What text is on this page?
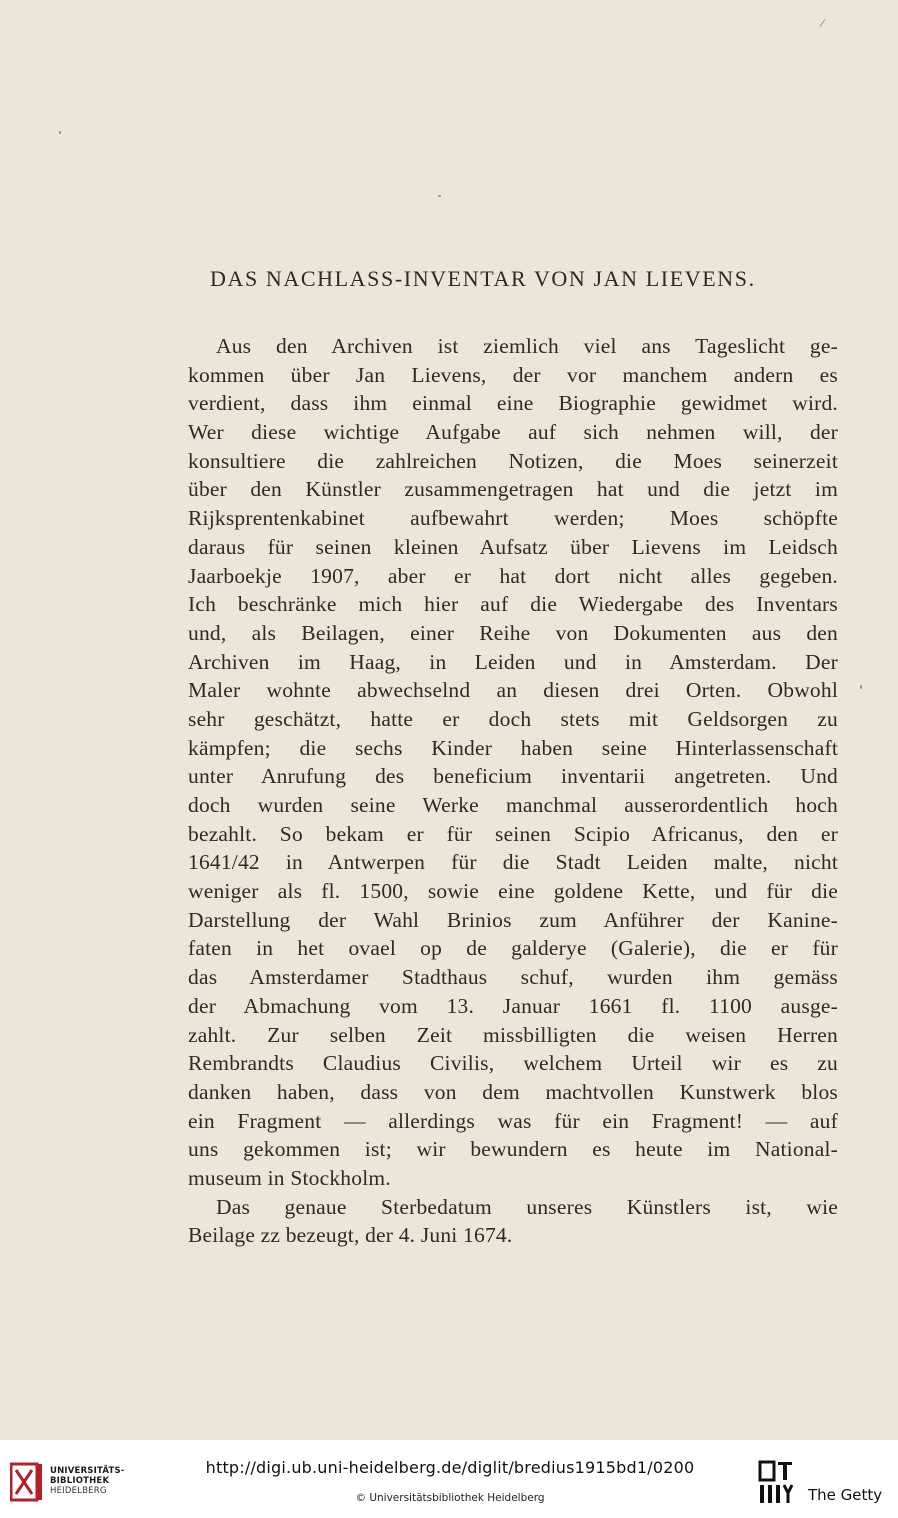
DAS NACHLASS-INVENTAR VON JAN LIEVENS.
Aus den Archiven ist ziemlich viel ans Tageslicht ge-
kommen über Jan Lievens, der vor manchem andern es
verdient, dass ihm einmal eine Biographie gewidmet wird.
Wer diese wichtige Aufgabe auf sich nehmen will, der
konsultiere die zahlreichen Notizen, die Moes seinerzeit
über den Künstler zusammengetragen hat und die jetzt im
Rijksprentenkabinet aufbewahrt werden; Moes schöpfte
daraus für seinen kleinen Aufsatz über Lievens im Leidsch
Jaarboekje 1907, aber er hat dort nicht alles gegeben.
Ich beschränke mich hier auf die Wiedergabe des Inventars
und, als Beilagen, einer Reihe von Dokumenten aus den
Archiven im Haag, in Leiden und in Amsterdam. Der
Maler wohnte abwechselnd an diesen drei Orten. Obwohl
sehr geschätzt, hatte er doch stets mit Geldsorgen zu
kämpfen; die sechs Kinder haben seine Hinterlassenschaft
unter Anrufung des beneficium inventarii angetreten. Und
doch wurden seine Werke manchmal ausserordentlich hoch
bezahlt. So bekam er für seinen Scipio Africanus, den er
1641/42 in Antwerpen für die Stadt Leiden malte, nicht
weniger als fl. 1500, sowie eine goldene Kette, und für die
Darstellung der Wahl Brinios zum Anführer der Kanine-
faten in het ovael op de galderye (Galerie), die er für
das Amsterdamer Stadthaus schuf, wurden ihm gemäss
der Abmachung vom 13. Januar 1661 fl. 1100 ausge-
zahlt. Zur selben Zeit missbilligten die weisen Herren
Rembrandts Claudius Civilis, welchem Urteil wir es zu
danken haben, dass von dem machtvollen Kunstwerk blos
ein Fragment — allerdings was für ein Fragment! — auf
uns gekommen ist; wir bewundern es heute im National-
museum in Stockholm.
Das genaue Sterbedatum unseres Künstlers ist, wie
Beilage zz bezeugt, der 4. Juni 1674.
UNIVERSITÄTS-
BIBLIOTHEK
HEIDELBERG
http://digi.ub.uni-heidelberg.de/diglit/bredius1915bd1/0200
© Universitätsbibliothek Heidelberg	The Getty
